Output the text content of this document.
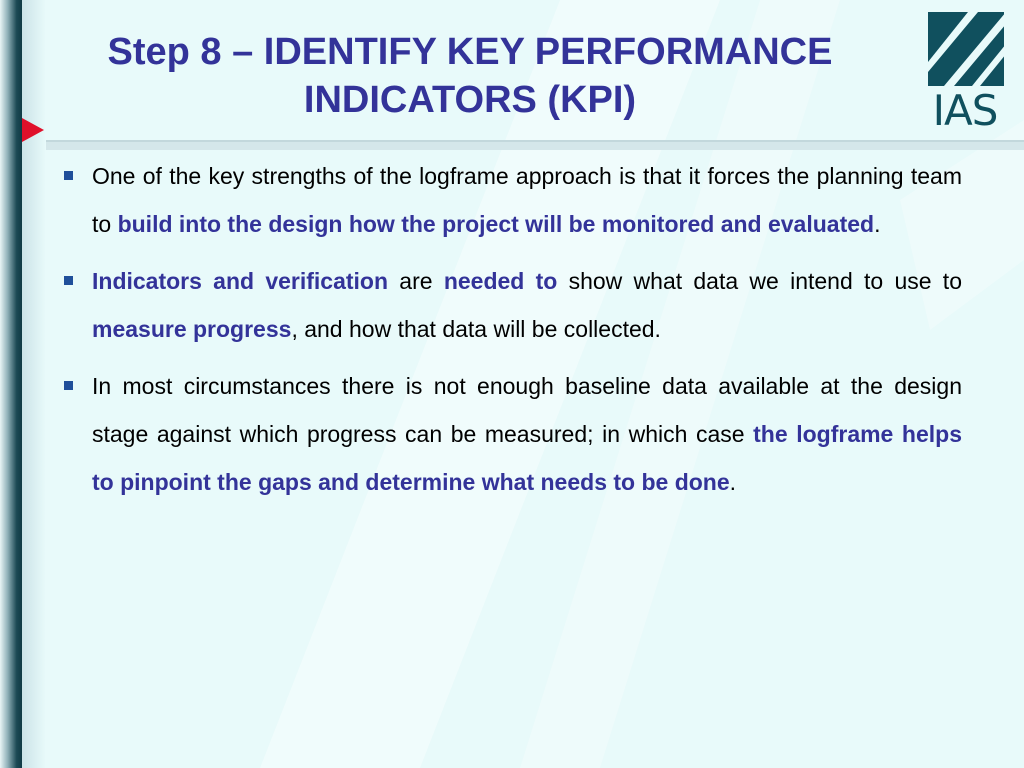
Step 8 – IDENTIFY KEY PERFORMANCE
INDICATORS (KPI)	IAS
One of the key strengths of the logframe approach is that it forces the planning team to build into the design how the project will be monitored and evaluated.
Indicators and verification are needed to show what data we intend to use to measure progress, and how that data will be collected.
In most circumstances there is not enough baseline data available at the design stage against which progress can be measured; in which case the logframe helps to pinpoint the gaps and determine what needs to be done.
